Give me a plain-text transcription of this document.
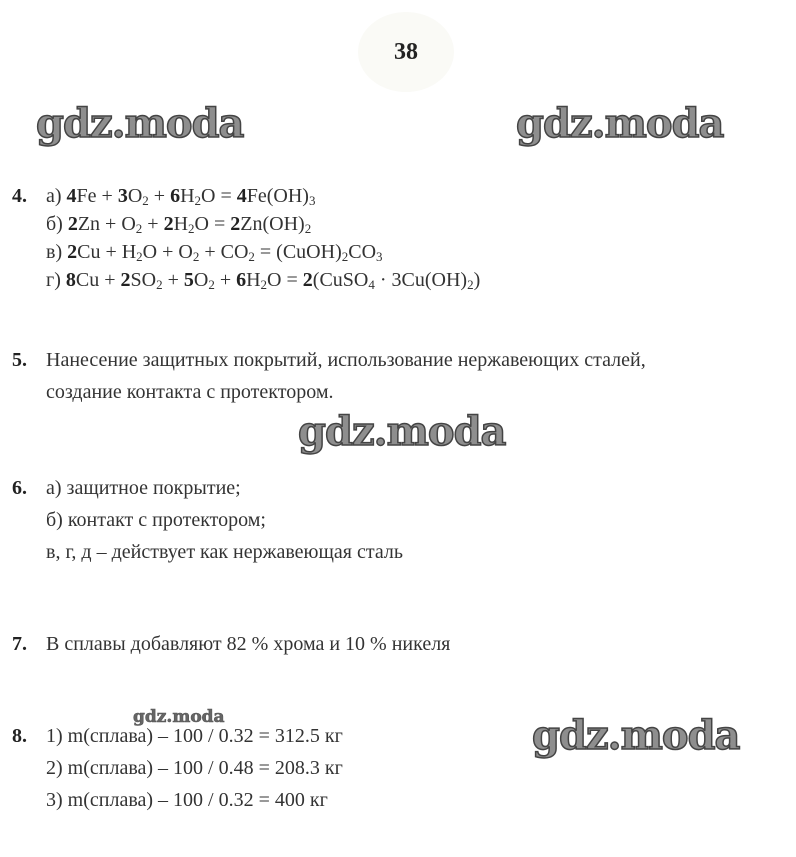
38
gdz.moda	gdz.moda
gdz.moda
gdz.moda	gdz.moda
4. а) $4Fe + 3O_2 + 6H_2O = 4Fe(OH)_3$
б) $2Zn + O_2 + 2H_2O = 2Zn(OH)_2$
в) $2Cu + H_2O + O_2 + CO_2$ = $(CuOH)_2CO_3$
г) $8Cu + 2SO_2 + 5O_2 + 6H_2O$ = 2(CuSO$_4$ · $3Cu(OH)_2$)
5. Нанесение защитных покрытий, использование нержавеющих сталей,
создание контакта с протектором.
6. а) защитное покрытие;
б) контакт с протектором;
в, г, д – действует как нержавеющая сталь
7. В сплавы добавляют 82 % хрома и 10 % никеля
8. 1) m(сплава) – 100 / 0.32 = 312.5 кг
2) m(сплава) – 100 / 0.48 = 208.3 кг
3) m(сплава) – 100 / 0.32 = 400 кг
